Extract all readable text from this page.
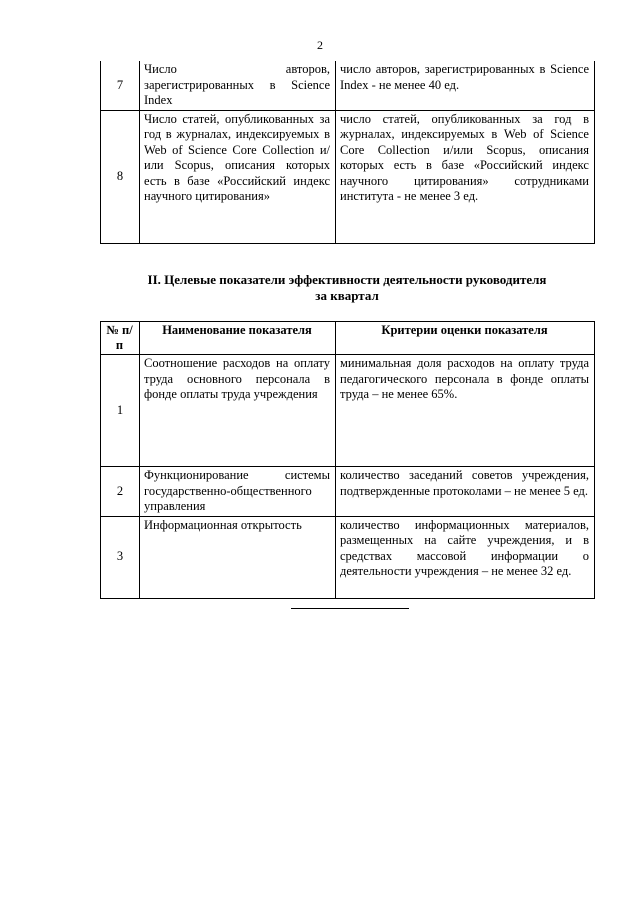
2
7	Число авторов, зарегистрированных в Science Index	число авторов, зарегистрированных в Science Index - не менее 40 ед.
8	Число статей, опубликованных за год в журналах, индексируемых в Web of Science Core Collection и/или Scopus, описания которых есть в базе «Российский индекс научного цитирования»	число статей, опубликованных за год в журналах, индексируемых в Web of Science Core Collection и/или Scopus, описания которых есть в базе «Российский индекс научного цитирования» сотрудниками института - не менее 3 ед.
II. Целевые показатели эффективности деятельности руководителя
за квартал
№ п/п	Наименование показателя	Критерии оценки показателя
1	Соотношение расходов на оплату труда основного персонала в фонде оплаты труда учреждения	минимальная доля расходов на оплату труда педагогического персонала в фонде оплаты труда – не менее 65%.
2	Функционирование системы государственно-общественного управления	количество заседаний советов учреждения, подтвержденные протоколами – не менее 5 ед.
3	Информационная открытость	количество информационных материалов, размещенных на сайте учреждения, и в средствах массовой информации о деятельности учреждения – не менее 32 ед.
